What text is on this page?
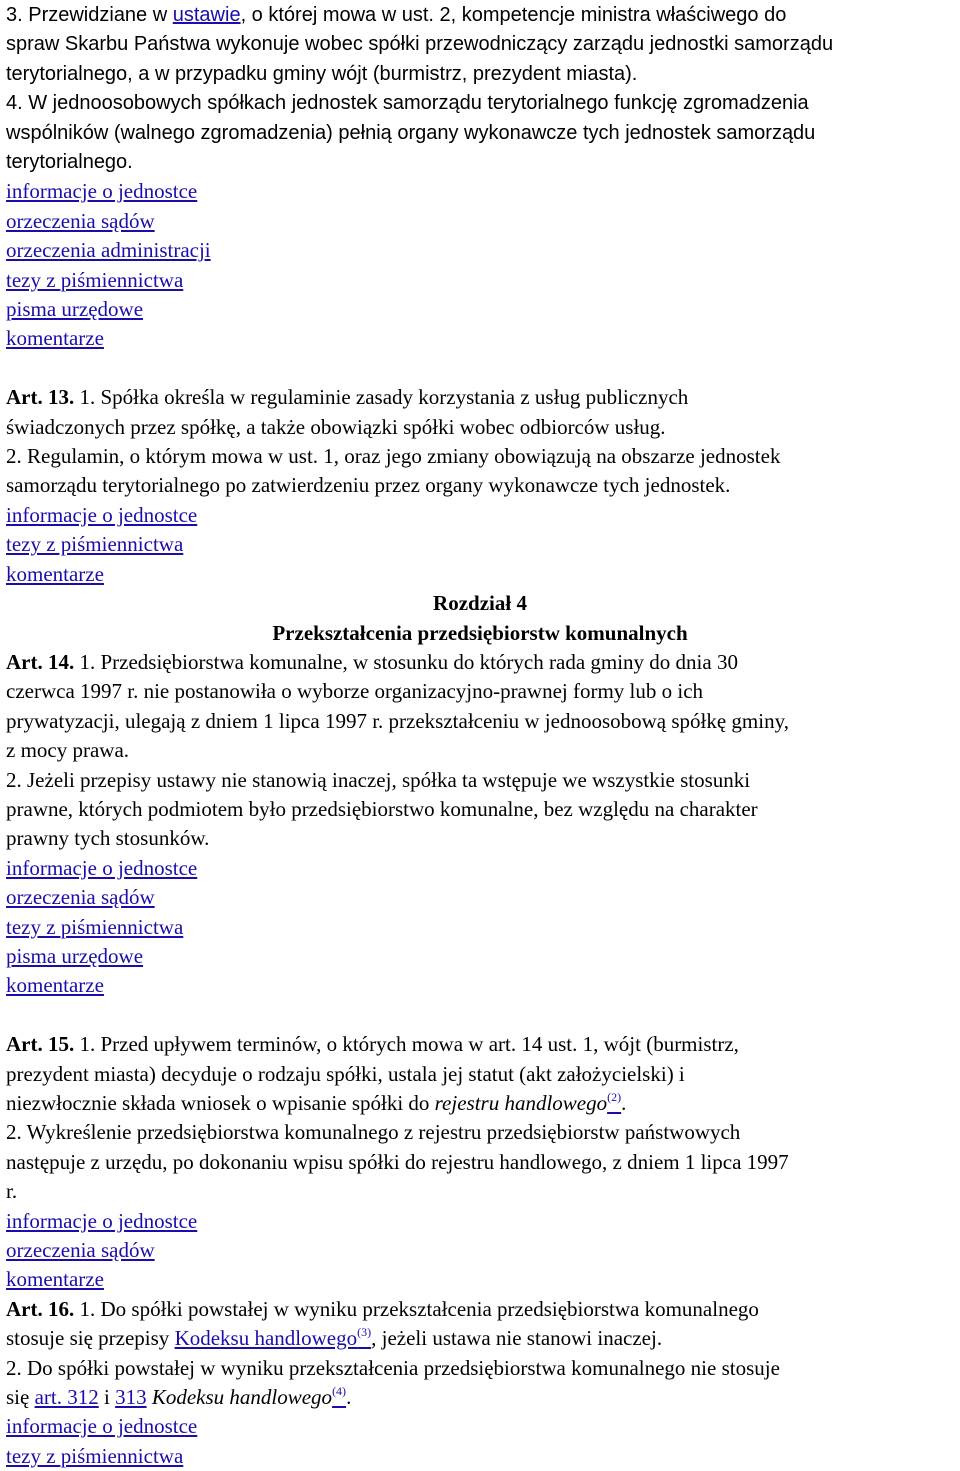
3. Przewidziane w ustawie, o której mowa w ust. 2, kompetencje ministra właściwego do
spraw Skarbu Państwa wykonuje wobec spółki przewodniczący zarządu jednostki samorządu
terytorialnego, a w przypadku gminy wójt (burmistrz, prezydent miasta).
4. W jednoosobowych spółkach jednostek samorządu terytorialnego funkcję zgromadzenia
wspólników (walnego zgromadzenia) pełnią organy wykonawcze tych jednostek samorządu
terytorialnego.
informacje o jednostce
orzeczenia sądów
orzeczenia administracji
tezy z piśmiennictwa
pisma urzędowe
komentarze
Art. 13. 1. Spółka określa w regulaminie zasady korzystania z usług publicznych
świadczonych przez spółkę, a także obowiązki spółki wobec odbiorców usług.
2. Regulamin, o którym mowa w ust. 1, oraz jego zmiany obowiązują na obszarze jednostek
samorządu terytorialnego po zatwierdzeniu przez organy wykonawcze tych jednostek.
informacje o jednostce
tezy z piśmiennictwa
komentarze
Rozdział 4
Przekształcenia przedsiębiorstw komunalnych
Art. 14. 1. Przedsiębiorstwa komunalne, w stosunku do których rada gminy do dnia 30
czerwca 1997 r. nie postanowiła o wyborze organizacyjno-prawnej formy lub o ich
prywatyzacji, ulegają z dniem 1 lipca 1997 r. przekształceniu w jednoosobową spółkę gminy,
z mocy prawa.
2. Jeżeli przepisy ustawy nie stanowią inaczej, spółka ta wstępuje we wszystkie stosunki
prawne, których podmiotem było przedsiębiorstwo komunalne, bez względu na charakter
prawny tych stosunków.
informacje o jednostce
orzeczenia sądów
tezy z piśmiennictwa
pisma urzędowe
komentarze
Art. 15. 1. Przed upływem terminów, o których mowa w art. 14 ust. 1, wójt (burmistrz,
prezydent miasta) decyduje o rodzaju spółki, ustala jej statut (akt założycielski) i
niezwłocznie składa wniosek o wpisanie spółki do rejestru handlowego$^{(2)}$.
2. Wykreślenie przedsiębiorstwa komunalnego z rejestru przedsiębiorstw państwowych
następuje z urzędu, po dokonaniu wpisu spółki do rejestru handlowego, z dniem 1 lipca 1997
r.
informacje o jednostce
orzeczenia sądów
komentarze
Art. 16. 1. Do spółki powstałej w wyniku przekształcenia przedsiębiorstwa komunalnego
stosuje się przepisy Kodeksu handlowego$^{(3)}$, jeżeli ustawa nie stanowi inaczej.
2. Do spółki powstałej w wyniku przekształcenia przedsiębiorstwa komunalnego nie stosuje
się art. 312 i 313 Kodeksu handlowego$^{(4)}$.
informacje o jednostce
tezy z piśmiennictwa
